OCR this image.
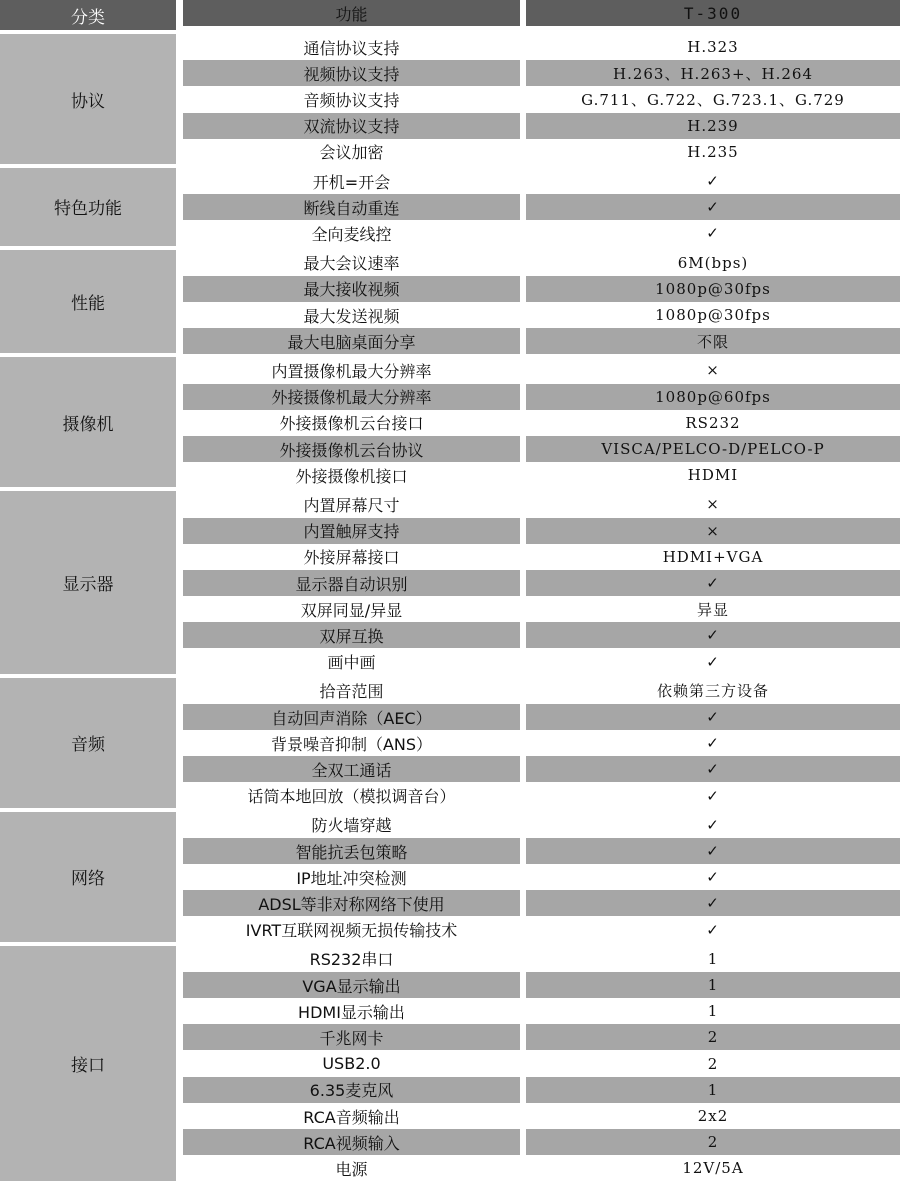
分类	功能	T-300
协议
通信协议支持	H.323
视频协议支持	H.263、H.263+、H.264
音频协议支持	G.711、G.722、G.723.1、G.729
双流协议支持	H.239
会议加密	H.235
特色功能
开机=开会	✓
断线自动重连	✓
全向麦线控	✓
性能
最大会议速率	6M(bps)
最大接收视频	1080p@30fps
最大发送视频	1080p@30fps
最大电脑桌面分享	不限
摄像机
内置摄像机最大分辨率	×
外接摄像机最大分辨率	1080p@60fps
外接摄像机云台接口	RS232
外接摄像机云台协议	VISCA/PELCO-D/PELCO-P
外接摄像机接口	HDMI
显示器
内置屏幕尺寸	×
内置触屏支持	×
外接屏幕接口	HDMI+VGA
显示器自动识别	✓
双屏同显/异显	异显
双屏互换	✓
画中画	✓
音频
拾音范围	依赖第三方设备
自动回声消除（AEC）	✓
背景噪音抑制（ANS）	✓
全双工通话	✓
话筒本地回放（模拟调音台）	✓
网络
防火墙穿越	✓
智能抗丢包策略	✓
IP地址冲突检测	✓
ADSL等非对称网络下使用	✓
IVRT互联网视频无损传输技术	✓
接口
RS232串口	1
VGA显示输出	1
HDMI显示输出	1
千兆网卡	2
USB2.0	2
6.35麦克风	1
RCA音频输出	2x2
RCA视频输入	2
电源	12V/5A
